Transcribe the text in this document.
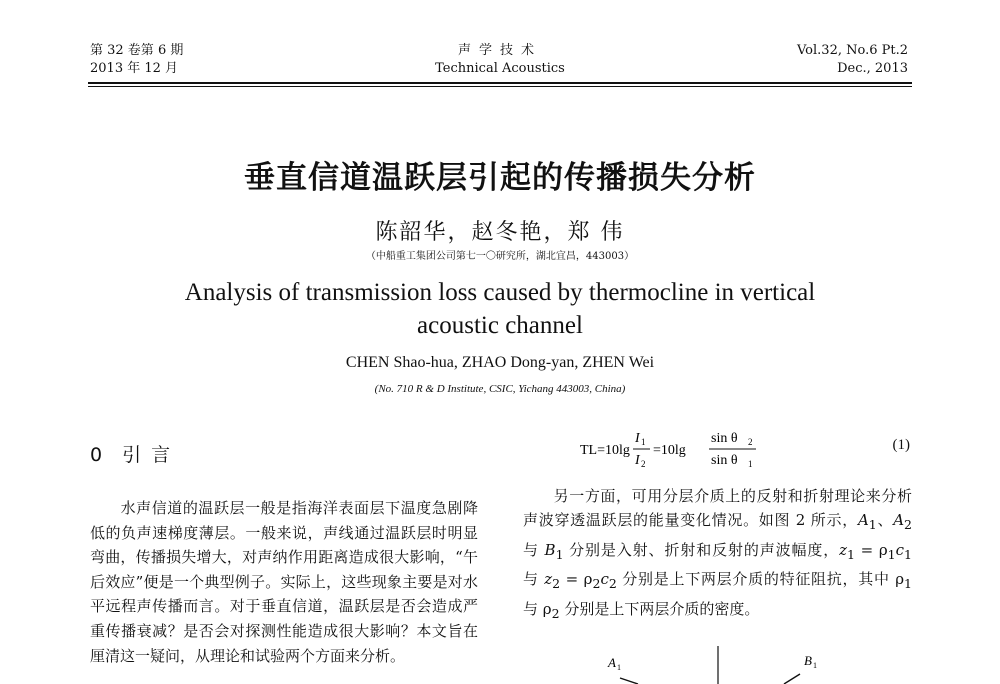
第 32 卷第 6 期
2013 年 12 月
声学技术
Technical Acoustics
Vol.32, No.6 Pt.2
Dec., 2013
垂直信道温跃层引起的传播损失分析
陈韶华，赵冬艳，郑 伟
（中船重工集团公司第七一〇研究所，湖北宜昌，443003）
Analysis of transmission loss caused by thermocline in vertical
acoustic channel
CHEN Shao-hua, ZHAO Dong-yan, ZHEN Wei
(No. 710 R & D Institute, CSIC, Yichang 443003, China)
0 引 言
水声信道的温跃层一般是指海洋表面层下温度急剧降低的负声速梯度薄层。一般来说，声线通过温跃层时明显弯曲，传播损失增大，对声纳作用距离造成很大影响，“午后效应”便是一个典型例子。实际上，这些现象主要是对水平远程声传播而言。对于垂直信道，温跃层是否会造成严重传播衰减？是否会对探测性能造成很大影响？本文旨在厘清这一疑问，从理论和试验两个方面来分析。
TL=10lg
I 1
I 2
=10lg
sin θ 2
sin θ 1
(1)
另一方面，可用分层介质上的反射和折射理论来分析声波穿透温跃层的能量变化情况。如图 2 所示，$A_1$、$A_2$ 与 $B_1$ 分别是入射、折射和反射的声波幅度，$z_1 = \rho_1c_1$ 与 $z_2 = \rho_2c_2$ 分别是上下两层介质的特征阻抗，其中 $\rho_1$ 与 $\rho_2$ 分别是上下两层介质的密度。
A 1	B 1
